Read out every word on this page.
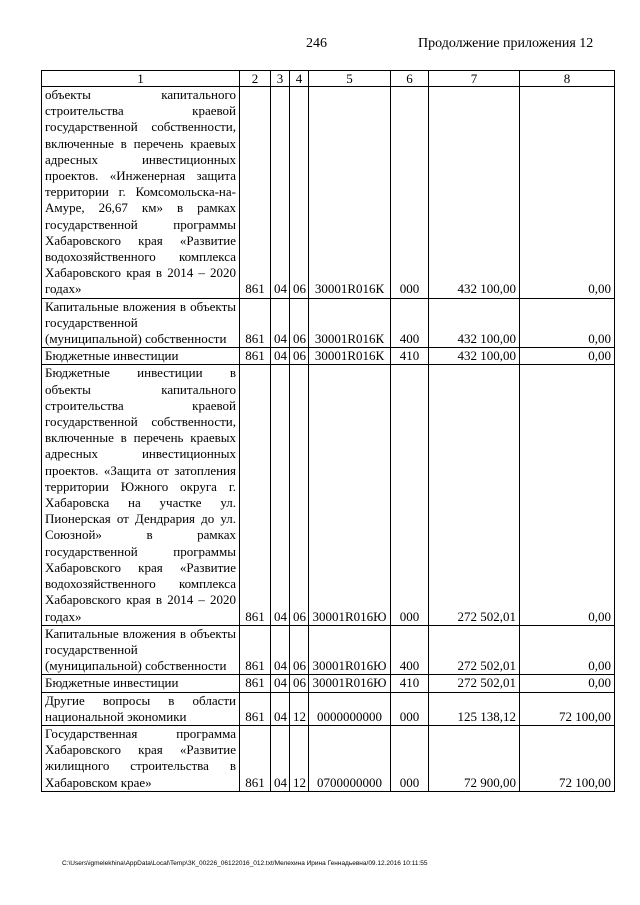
246	Продолжение приложения 12
1	2	3	4	5	6	7	8
объекты капитального строительства краевой государственной собственности, включенные в перечень краевых адресных инвестиционных проектов. «Инженерная защита территории г. Комсомольска-на-Амуре, 26,67 км» в рамках государственной программы Хабаровского края «Развитие водохозяйственного комплекса Хабаровского края в 2014 – 2020 годах»	861	04	06	30001R016К	000	432 100,00	0,00
Капитальные вложения в объекты государственной (муниципальной) собственности	861	04	06	30001R016К	400	432 100,00	0,00
Бюджетные инвестиции	861	04	06	30001R016К	410	432 100,00	0,00
Бюджетные инвестиции в объекты капитального строительства краевой государственной собственности, включенные в перечень краевых адресных инвестиционных проектов. «Защита от затопления территории Южного округа г. Хабаровска на участке ул. Пионерская от Дендрария до ул. Союзной» в рамках государственной программы Хабаровского края «Развитие водохозяйственного комплекса Хабаровского края в 2014 – 2020 годах»	861	04	06	30001R016Ю	000	272 502,01	0,00
Капитальные вложения в объекты государственной (муниципальной) собственности	861	04	06	30001R016Ю	400	272 502,01	0,00
Бюджетные инвестиции	861	04	06	30001R016Ю	410	272 502,01	0,00
Другие вопросы в области национальной экономики	861	04	12	0000000000	000	125 138,12	72 100,00
Государственная программа Хабаровского края «Развитие жилищного строительства в Хабаровском крае»	861	04	12	0700000000	000	72 900,00	72 100,00
C:\Users\igmelekhina\AppData\Local\Temp\ЗК_00226_06122016_012.txt/Мелехина Ирина Геннадьевна/09.12.2016 10:11:55
